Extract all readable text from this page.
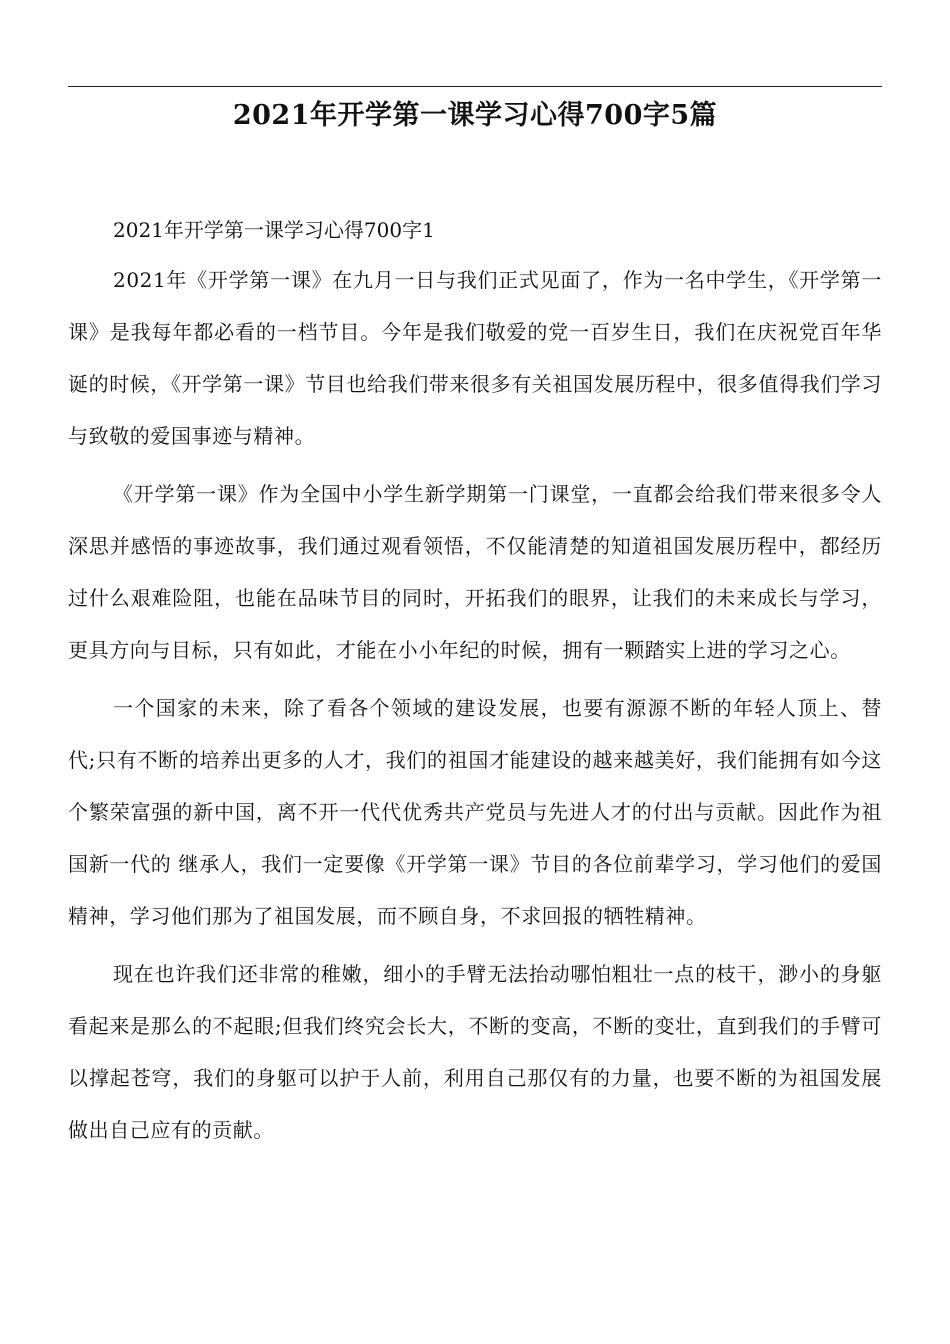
2021年开学第一课学习心得700字5篇

2021年开学第一课学习心得700字1

2021年《开学第一课》在九月一日与我们正式见面了，作为一名中学生，《开学第一课》是我每年都必看的一档节目。今年是我们敬爱的党一百岁生日，我们在庆祝党百年华诞的时候，《开学第一课》节目也给我们带来很多有关祖国发展历程中，很多值得我们学习与致敬的爱国事迹与精神。

《开学第一课》作为全国中小学生新学期第一门课堂，一直都会给我们带来很多令人深思并感悟的事迹故事，我们通过观看领悟，不仅能清楚的知道祖国发展历程中，都经历过什么艰难险阻，也能在品味节目的同时，开拓我们的眼界，让我们的未来成长与学习，更具方向与目标，只有如此，才能在小小年纪的时候，拥有一颗踏实上进的学习之心。

一个国家的未来，除了看各个领域的建设发展，也要有源源不断的年轻人顶上、替代;只有不断的培养出更多的人才，我们的祖国才能建设的越来越美好，我们能拥有如今这个繁荣富强的新中国，离不开一代代优秀共产党员与先进人才的付出与贡献。因此作为祖国新一代的 继承人，我们一定要像《开学第一课》节目的各位前辈学习，学习他们的爱国精神，学习他们那为了祖国发展，而不顾自身，不求回报的牺牲精神。

现在也许我们还非常的稚嫩，细小的手臂无法抬动哪怕粗壮一点的枝干，渺小的身躯看起来是那么的不起眼;但我们终究会长大，不断的变高，不断的变壮，直到我们的手臂可以撑起苍穹，我们的身躯可以护于人前，利用自己那仅有的力量，也要不断的为祖国发展做出自己应有的贡献。
